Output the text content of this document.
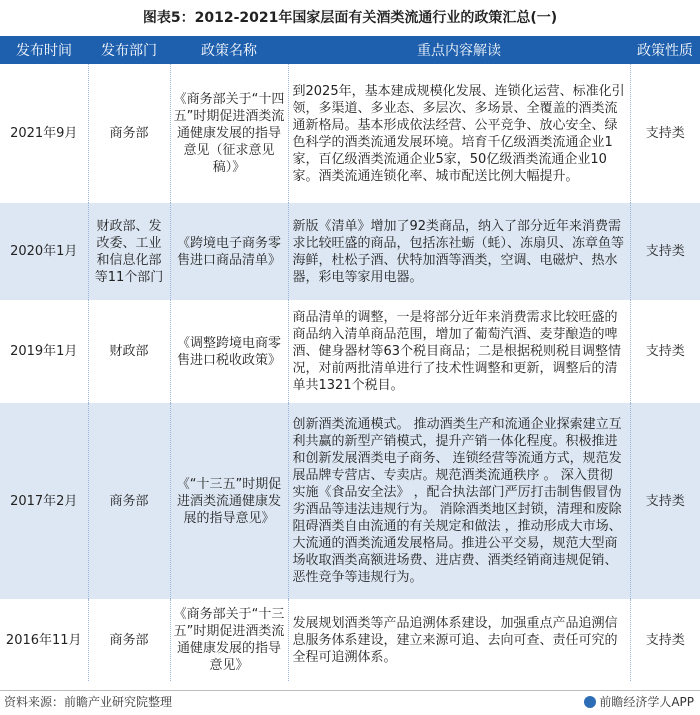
图表5：2012-2021年国家层面有关酒类流通行业的政策汇总(一)
发布时间	发布部门	政策名称	重点内容解读	政策性质
2021年9月	商务部	《商务部关于“十四五”时期促进酒类流通健康发展的指导意见（征求意见稿）》	到2025年，基本建成规模化发展、连锁化运营、标准化引领，多渠道、多业态、多层次、多场景、全覆盖的酒类流通新格局。基本形成依法经营、公平竞争、放心安全、绿色科学的酒类流通发展环境。培育千亿级酒类流通企业1家，百亿级酒类流通企业5家，50亿级酒类流通企业10家。酒类流通连锁化率、城市配送比例大幅提升。	支持类
2020年1月	财政部、发改委、工业和信息化部等11个部门	《跨境电子商务零售进口商品清单》	新版《清单》增加了92类商品，纳入了部分近年来消费需求比较旺盛的商品，包括冻社蛎（蚝）、冻扇贝、冻章鱼等海鲜，杜松子酒、伏特加酒等酒类，空调、电磁炉、热水器，彩电等家用电器。	支持类
2019年1月	财政部	《调整跨境电商零售进口税收政策》	商品清单的调整，一是将部分近年来消费需求比较旺盛的商品纳入清单商品范围，增加了葡萄汽酒、麦芽酿造的啤酒、健身器材等63个税目商品；二是根据税则税目调整情况，对前两批清单进行了技术性调整和更新，调整后的清单共1321个税目。	支持类
2017年2月	商务部	《“十三五”时期促进酒类流通健康发展的指导意见》	创新酒类流通模式。 推动酒类生产和流通企业探索建立互利共赢的新型产销模式，提升产销一体化程度。积极推进和创新发展酒类电子商务、 连锁经营等流通方式，规范发展品牌专营店、专卖店。规范酒类流通秩序 。 深入贯彻实施《食品安全法》 ，配合执法部门严厉打击制售假冒伪劣酒品等违法违规行为。 消除酒类地区封锁，清理和废除阻碍酒类自由流通的有关规定和做法 ，推动形成大市场、大流通的酒类流通发展格局。推进公平交易，规范大型商场收取酒类高额进场费、进店费、酒类经销商违规促销、恶性竞争等违规行为。	支持类
2016年11月	商务部	《商务部关于“十三五”时期促进酒类流通健康发展的指导意见》	发展规划酒类等产品追溯体系建设，加强重点产品追溯信息服务体系建设，建立来源可追、去向可查、责任可究的全程可追溯体系。	支持类
资料来源：前瞻产业研究院整理	前瞻经济学人APP
